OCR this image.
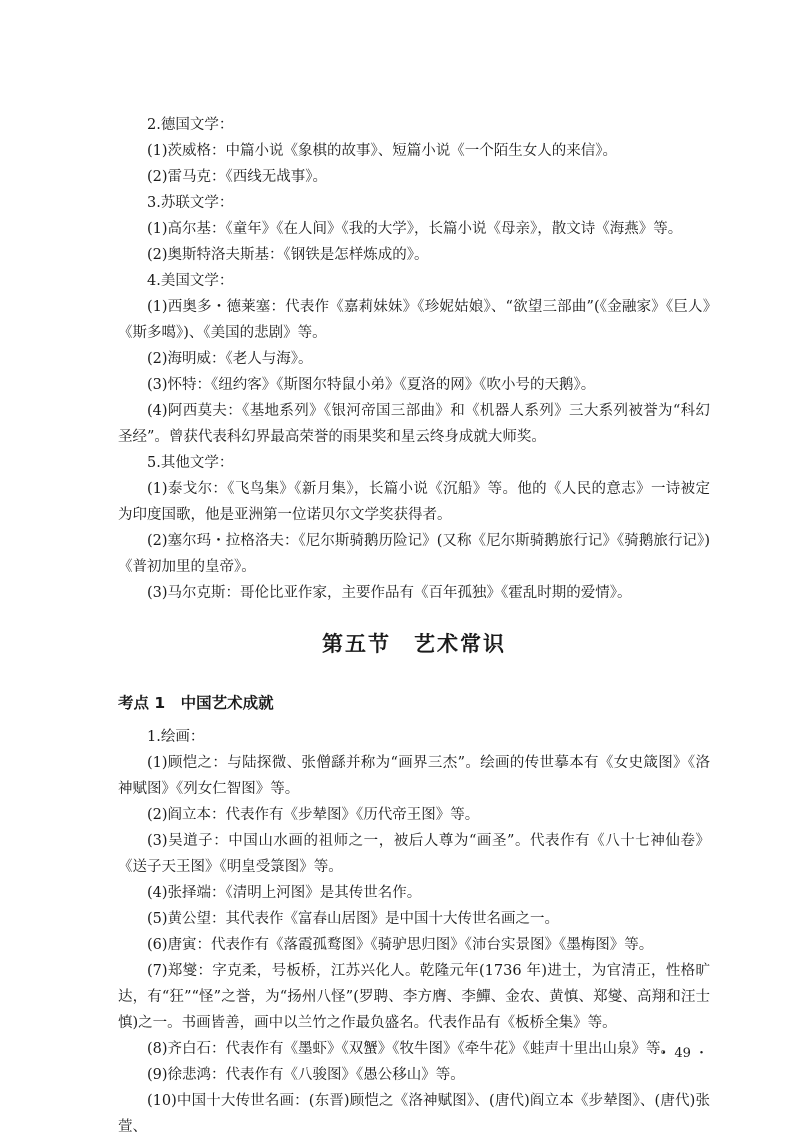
2.德国文学：

(1)茨威格：中篇小说《象棋的故事》、短篇小说《一个陌生女人的来信》。

(2)雷马克：《西线无战事》。

3.苏联文学：

(1)高尔基：《童年》《在人间》《我的大学》，长篇小说《母亲》，散文诗《海燕》等。

(2)奥斯特洛夫斯基：《钢铁是怎样炼成的》。

4.美国文学：

(1)西奥多・德莱塞：代表作《嘉莉妹妹》《珍妮姑娘》、“欲望三部曲”(《金融家》《巨人》《斯多噶》)、《美国的悲剧》等。

(2)海明威：《老人与海》。

(3)怀特：《纽约客》《斯图尔特鼠小弟》《夏洛的网》《吹小号的天鹅》。

(4)阿西莫夫：《基地系列》《银河帝国三部曲》和《机器人系列》三大系列被誉为“科幻圣经”。曾获代表科幻界最高荣誉的雨果奖和星云终身成就大师奖。

5.其他文学：

(1)泰戈尔：《飞鸟集》《新月集》，长篇小说《沉船》等。他的《人民的意志》一诗被定为印度国歌，他是亚洲第一位诺贝尔文学奖获得者。

(2)塞尔玛・拉格洛夫：《尼尔斯骑鹅历险记》(又称《尼尔斯骑鹅旅行记》《骑鹅旅行记》)《普初加里的皇帝》。

(3)马尔克斯：哥伦比亚作家，主要作品有《百年孤独》《霍乱时期的爱情》。

第五节　艺术常识
考点 1　中国艺术成就

1.绘画：

(1)顾恺之：与陆探微、张僧繇并称为“画界三杰”。绘画的传世摹本有《女史箴图》《洛神赋图》《列女仁智图》等。

(2)阎立本：代表作有《步辇图》《历代帝王图》等。

(3)吴道子：中国山水画的祖师之一，被后人尊为“画圣”。代表作有《八十七神仙卷》《送子天王图》《明皇受箓图》等。

(4)张择端：《清明上河图》是其传世名作。

(5)黄公望：其代表作《富春山居图》是中国十大传世名画之一。

(6)唐寅：代表作有《落霞孤鹜图》《骑驴思归图》《沛台实景图》《墨梅图》等。

(7)郑燮：字克柔，号板桥，江苏兴化人。乾隆元年(1736 年)进士，为官清正，性格旷达，有“狂”“怪”之誉，为“扬州八怪”(罗聘、李方膺、李鱓、金农、黄慎、郑燮、高翔和汪士慎)之一。书画皆善，画中以兰竹之作最负盛名。代表作品有《板桥全集》等。

(8)齐白石：代表作有《墨虾》《双蟹》《牧牛图》《牵牛花》《蛙声十里出山泉》等。

(9)徐悲鸿：代表作有《八骏图》《愚公移山》等。

(10)中国十大传世名画：(东晋)顾恺之《洛神赋图》、(唐代)阎立本《步辇图》、(唐代)张萱、

・ 49 ・
